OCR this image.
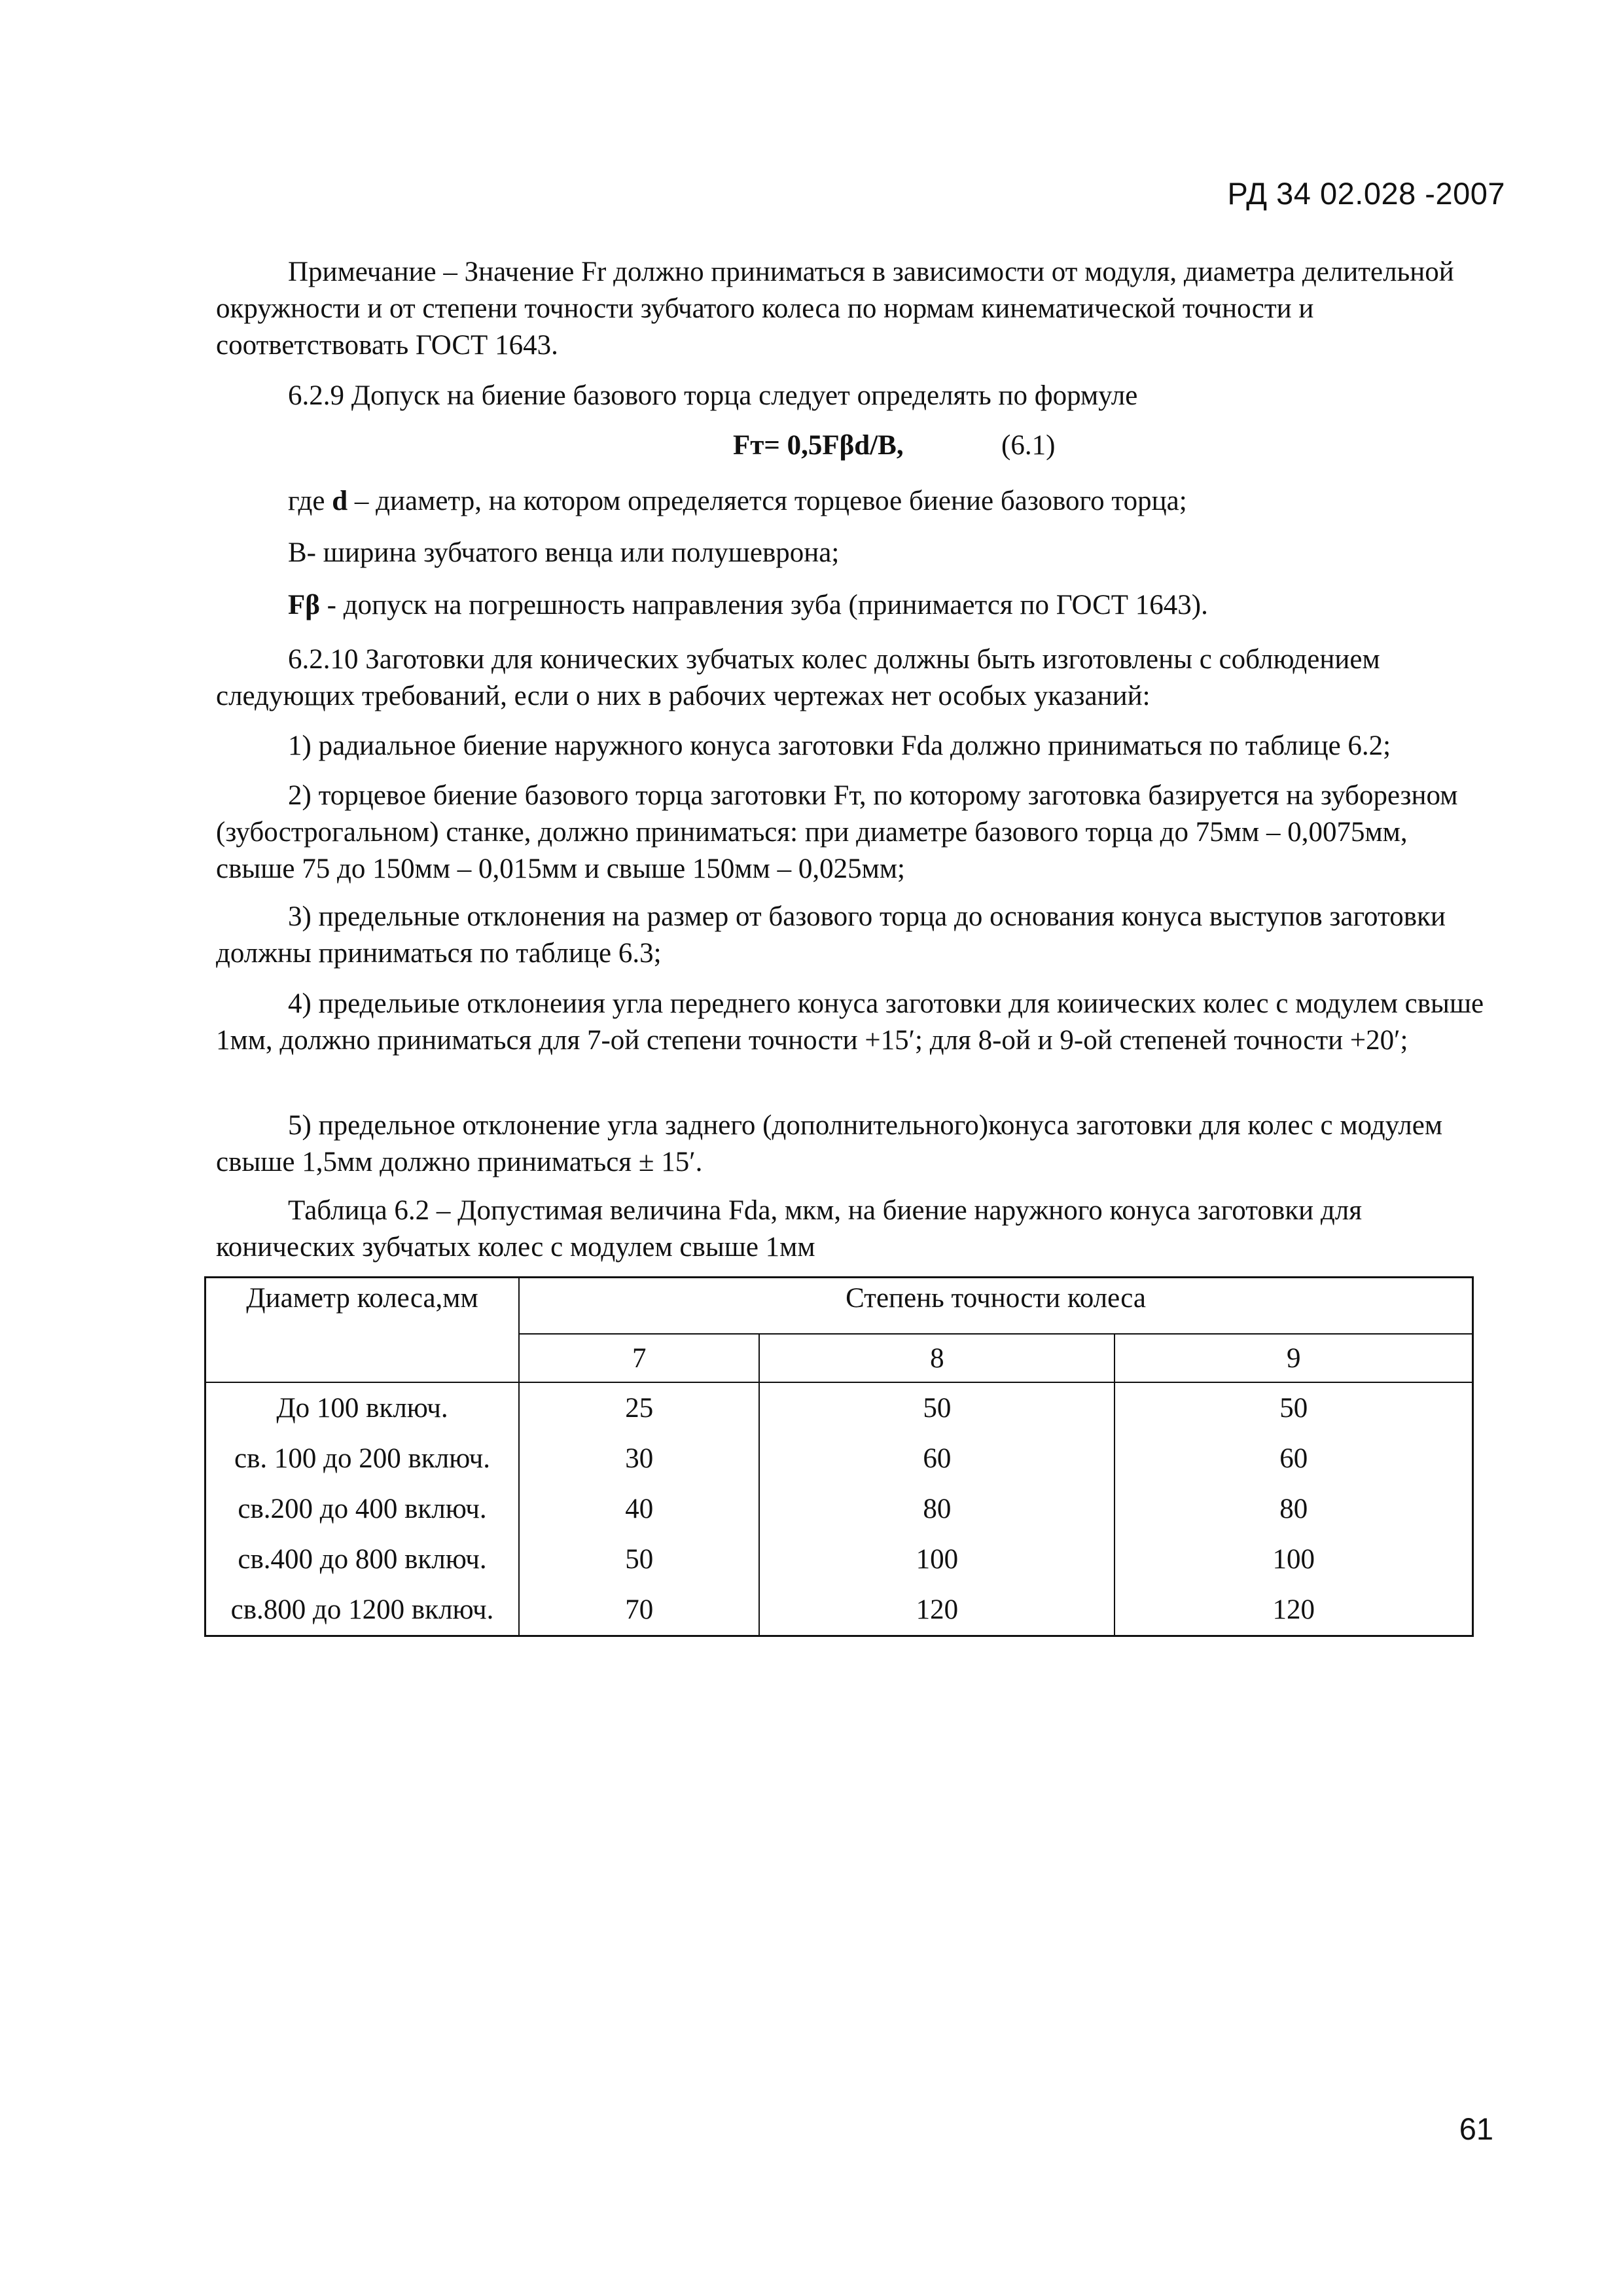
РД 34 02.028 -2007
Примечание – Значение Fr должно приниматься в зависимости от модуля, диаметра делительной окружности и от степени точности зубчатого колеса по нормам кинематической точности и соответствовать ГОСТ 1643.
6.2.9 Допуск на биение базового торца следует определять по формуле
Fт= 0,5Fβd/B,	(6.1)
где d – диаметр, на котором определяется торцевое биение базового торца;
B- ширина зубчатого венца или полушеврона;
Fβ - допуск на погрешность направления зуба (принимается по ГОСТ 1643).
6.2.10 Заготовки для конических зубчатых колес должны быть изготовлены с соблюдением следующих требований, если о них в рабочих чертежах нет особых указаний:
1) радиальное биение наружного конуса заготовки Fda должно приниматься по таблице 6.2;
2) торцевое биение базового торца заготовки Fт, по которому заготовка базируется на зуборезном (зубострогальном) станке, должно приниматься: при диаметре базового торца до 75мм – 0,0075мм, свыше 75 до 150мм – 0,015мм и свыше 150мм – 0,025мм;
3) предельные отклонения на размер от базового торца до основания конуса выступов заготовки должны приниматься по таблице 6.3;
4) предельиые отклонеиия угла переднего конуса заготовки для коиических колес с модулем свыше 1мм, должно приниматься для 7-ой степени точности +15′; для 8-ой и 9-ой степеней точности +20′;
5) предельное отклонение угла заднего (дополнительного)конуса заготовки для колес с модулем свыше 1,5мм должно приниматься ± 15′.
Таблица 6.2 – Допустимая величина Fda, мкм, на биение наружного конуса заготовки для конических зубчатых колес с модулем свыше 1мм
Диаметр колеса,мм	Степень точности колеса		
	7	8	9
До 100 включ.	25	50	50
св. 100 до 200 включ.	30	60	60
св.200 до 400 включ.	40	80	80
св.400 до 800 включ.	50	100	100
св.800 до 1200 включ.	70	120	120
61
